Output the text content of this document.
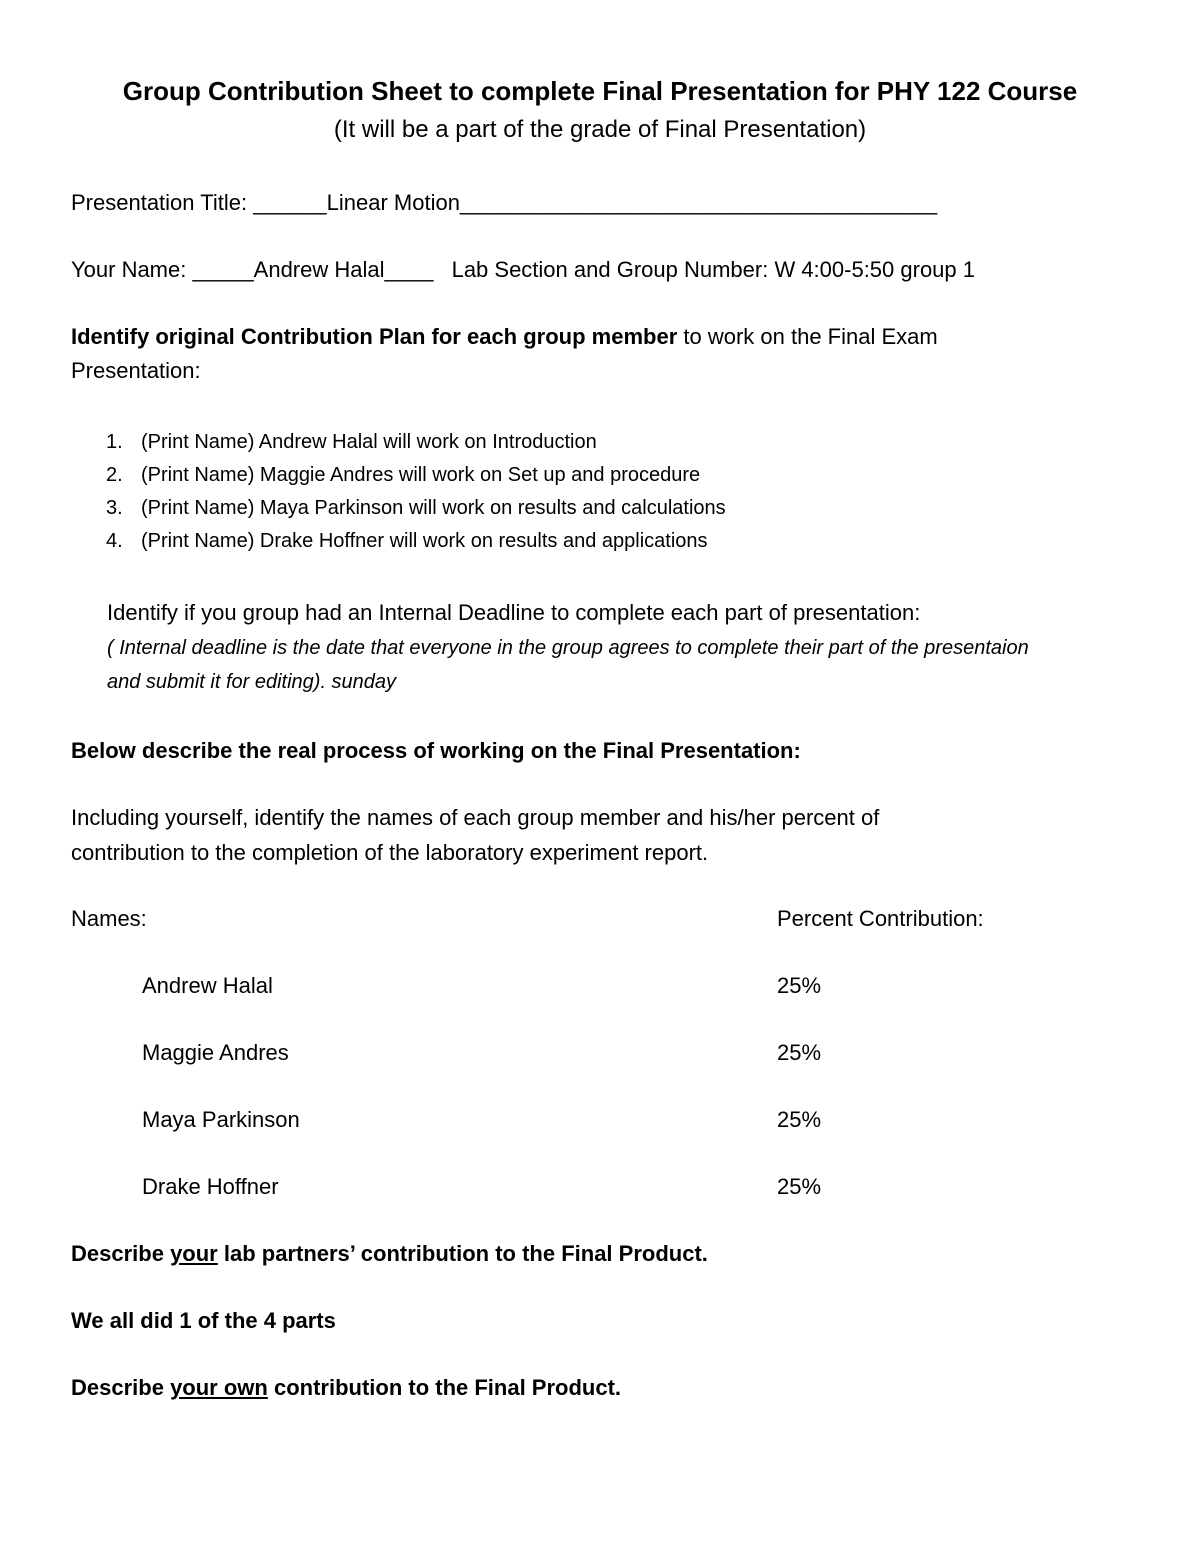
Group Contribution Sheet to complete Final Presentation for PHY 122 Course
(It will be a part of the grade of Final Presentation)
Presentation Title: ______Linear Motion_______________________________________
Your Name: _____Andrew Halal____ Lab Section and Group Number: W 4:00-5:50 group 1
Identify original Contribution Plan for each group member to work on the Final Exam
Presentation:
1. (Print Name) Andrew Halal will work on Introduction
2. (Print Name) Maggie Andres will work on Set up and procedure
3. (Print Name) Maya Parkinson will work on results and calculations
4. (Print Name) Drake Hoffner will work on results and applications
Identify if you group had an Internal Deadline to complete each part of presentation:
( Internal deadline is the date that everyone in the group agrees to complete their part of the presentaion
and submit it for editing). sunday
Below describe the real process of working on the Final Presentation:
Including yourself, identify the names of each group member and his/her percent of
contribution to the completion of the laboratory experiment report.
Names:	Percent Contribution:
Andrew Halal	25%
Maggie Andres	25%
Maya Parkinson	25%
Drake Hoffner	25%
Describe your lab partners’ contribution to the Final Product.
We all did 1 of the 4 parts
Describe your own contribution to the Final Product.
